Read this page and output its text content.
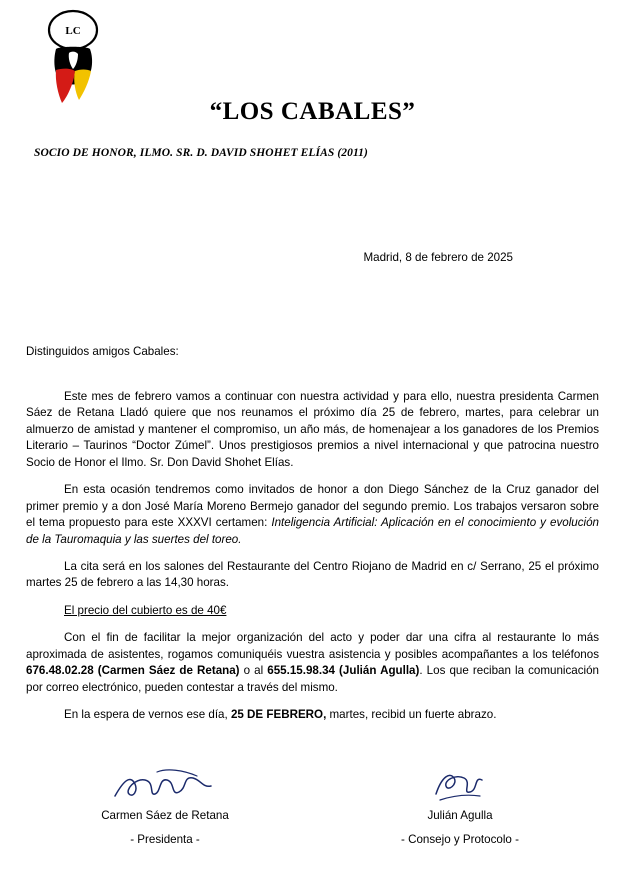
LC
“LOS CABALES”
SOCIO DE HONOR, ILMO. SR. D. DAVID SHOHET ELÍAS (2011)
Madrid, 8 de febrero de 2025
Distinguidos amigos Cabales:

Este mes de febrero vamos a continuar con nuestra actividad y para ello, nuestra presidenta Carmen Sáez de Retana Lladó quiere que nos reunamos el próximo día 25 de febrero, martes, para celebrar un almuerzo de amistad y mantener el compromiso, un año más, de homenajear a los ganadores de los Premios Literario – Taurinos “Doctor Zúmel”. Unos prestigiosos premios a nivel internacional y que patrocina nuestro Socio de Honor el Ilmo. Sr. Don David Shohet Elías.

En esta ocasión tendremos como invitados de honor a don Diego Sánchez de la Cruz ganador del primer premio y a don José María Moreno Bermejo ganador del segundo premio. Los trabajos versaron sobre el tema propuesto para este XXXVI certamen: Inteligencia Artificial: Aplicación en el conocimiento y evolución de la Tauromaquia y las suertes del toreo.

La cita será en los salones del Restaurante del Centro Riojano de Madrid en c/ Serrano, 25 el próximo martes 25 de febrero a las 14,30 horas.

El precio del cubierto es de 40€

Con el fin de facilitar la mejor organización del acto y poder dar una cifra al restaurante lo más aproximada de asistentes, rogamos comuniquéis vuestra asistencia y posibles acompañantes a los teléfonos 676.48.02.28 (Carmen Sáez de Retana) o al 655.15.98.34 (Julián Agulla). Los que reciban la comunicación por correo electrónico, pueden contestar a través del mismo.

En la espera de vernos ese día, 25 DE FEBRERO, martes, recibid un fuerte abrazo.

Carmen Sáez de Retana
- Presidenta -
Julián Agulla
- Consejo y Protocolo -
